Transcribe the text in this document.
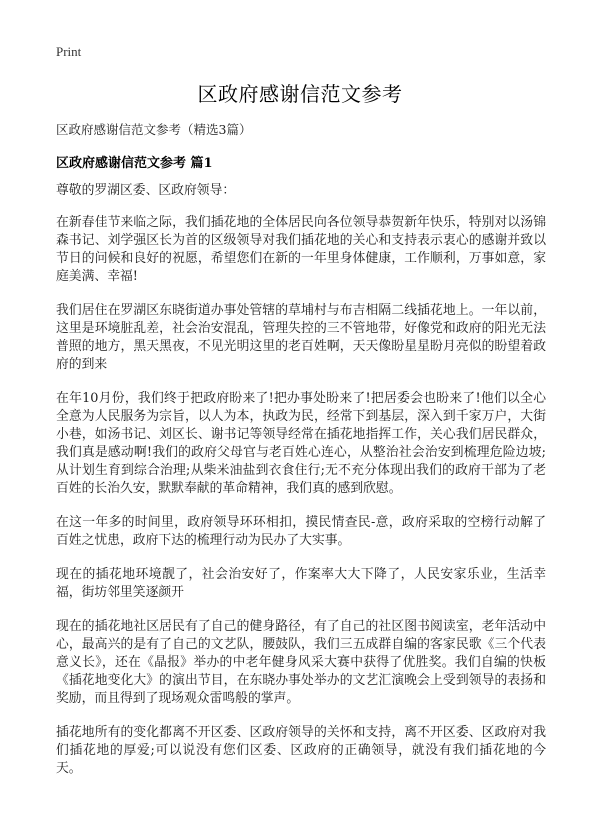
Print
区政府感谢信范文参考
区政府感谢信范文参考（精选3篇）
区政府感谢信范文参考 篇1

尊敬的罗湖区委、区政府领导：

在新春佳节来临之际，我们插花地的全体居民向各位领导恭贺新年快乐，特别对以汤锦森书记、刘学强区长为首的区级领导对我们插花地的关心和支持表示衷心的感谢并致以节日的问候和良好的祝愿，希望您们在新的一年里身体健康，工作顺利，万事如意，家庭美满、幸福!

我们居住在罗湖区东晓街道办事处管辖的草埔村与布吉相隔二线插花地上。一年以前，这里是环境脏乱差，社会治安混乱，管理失控的三不管地带，好像党和政府的阳光无法普照的地方，黑天黑夜，不见光明这里的老百姓啊，天天像盼星星盼月亮似的盼望着政府的到来

在年10月份，我们终于把政府盼来了!把办事处盼来了!把居委会也盼来了!他们以全心全意为人民服务为宗旨，以人为本，执政为民，经常下到基层，深入到千家万户，大街小巷，如汤书记、刘区长、谢书记等领导经常在插花地指挥工作，关心我们居民群众，我们真是感动啊!我们的政府父母官与老百姓心连心，从整治社会治安到梳理危险边坡;从计划生育到综合治理;从柴米油盐到衣食住行;无不充分体现出我们的政府干部为了老百姓的长治久安，默默奉献的革命精神，我们真的感到欣慰。

在这一年多的时间里，政府领导环环相扣，摸民情查民-意，政府采取的空榜行动解了百姓之忧患，政府下达的梳理行动为民办了大实事。

现在的插花地环境靓了，社会治安好了，作案率大大下降了，人民安家乐业，生活幸福，街坊邻里笑逐颜开

现在的插花地社区居民有了自己的健身路径，有了自己的社区图书阅读室，老年活动中心，最高兴的是有了自己的文艺队，腰鼓队，我们三五成群自编的客家民歌《三个代表意义长》，还在《晶报》举办的中老年健身风采大赛中获得了优胜奖。我们自编的快板《插花地变化大》的演出节目，在东晓办事处举办的文艺汇演晚会上受到领导的表扬和奖励，而且得到了现场观众雷鸣般的掌声。

插花地所有的变化都离不开区委、区政府领导的关怀和支持，离不开区委、区政府对我们插花地的厚爱;可以说没有您们区委、区政府的正确领导，就没有我们插花地的今天。
